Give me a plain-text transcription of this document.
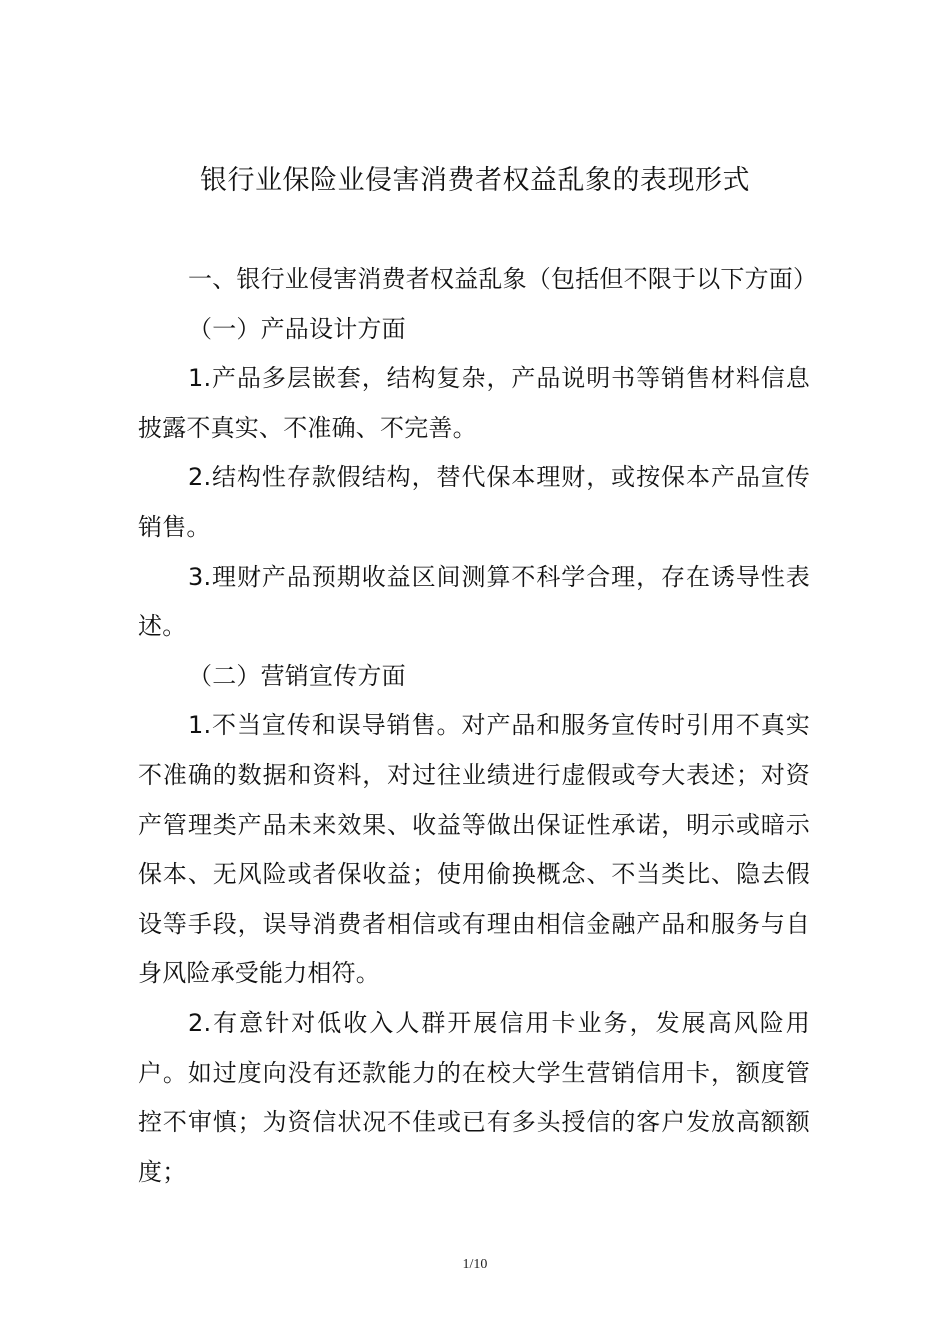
银行业保险业侵害消费者权益乱象的表现形式

一、银行业侵害消费者权益乱象（包括但不限于以下方面）

（一）产品设计方面

1.产品多层嵌套，结构复杂，产品说明书等销售材料信息披露不真实、不准确、不完善。

2.结构性存款假结构，替代保本理财，或按保本产品宣传销售。

3.理财产品预期收益区间测算不科学合理，存在诱导性表述。

（二）营销宣传方面

1.不当宣传和误导销售。对产品和服务宣传时引用不真实不准确的数据和资料，对过往业绩进行虚假或夸大表述；对资产管理类产品未来效果、收益等做出保证性承诺，明示或暗示保本、无风险或者保收益；使用偷换概念、不当类比、隐去假设等手段，误导消费者相信或有理由相信金融产品和服务与自身风险承受能力相符。

2.有意针对低收入人群开展信用卡业务，发展高风险用户。如过度向没有还款能力的在校大学生营销信用卡，额度管控不审慎；为资信状况不佳或已有多头授信的客户发放高额额度；

1/10
